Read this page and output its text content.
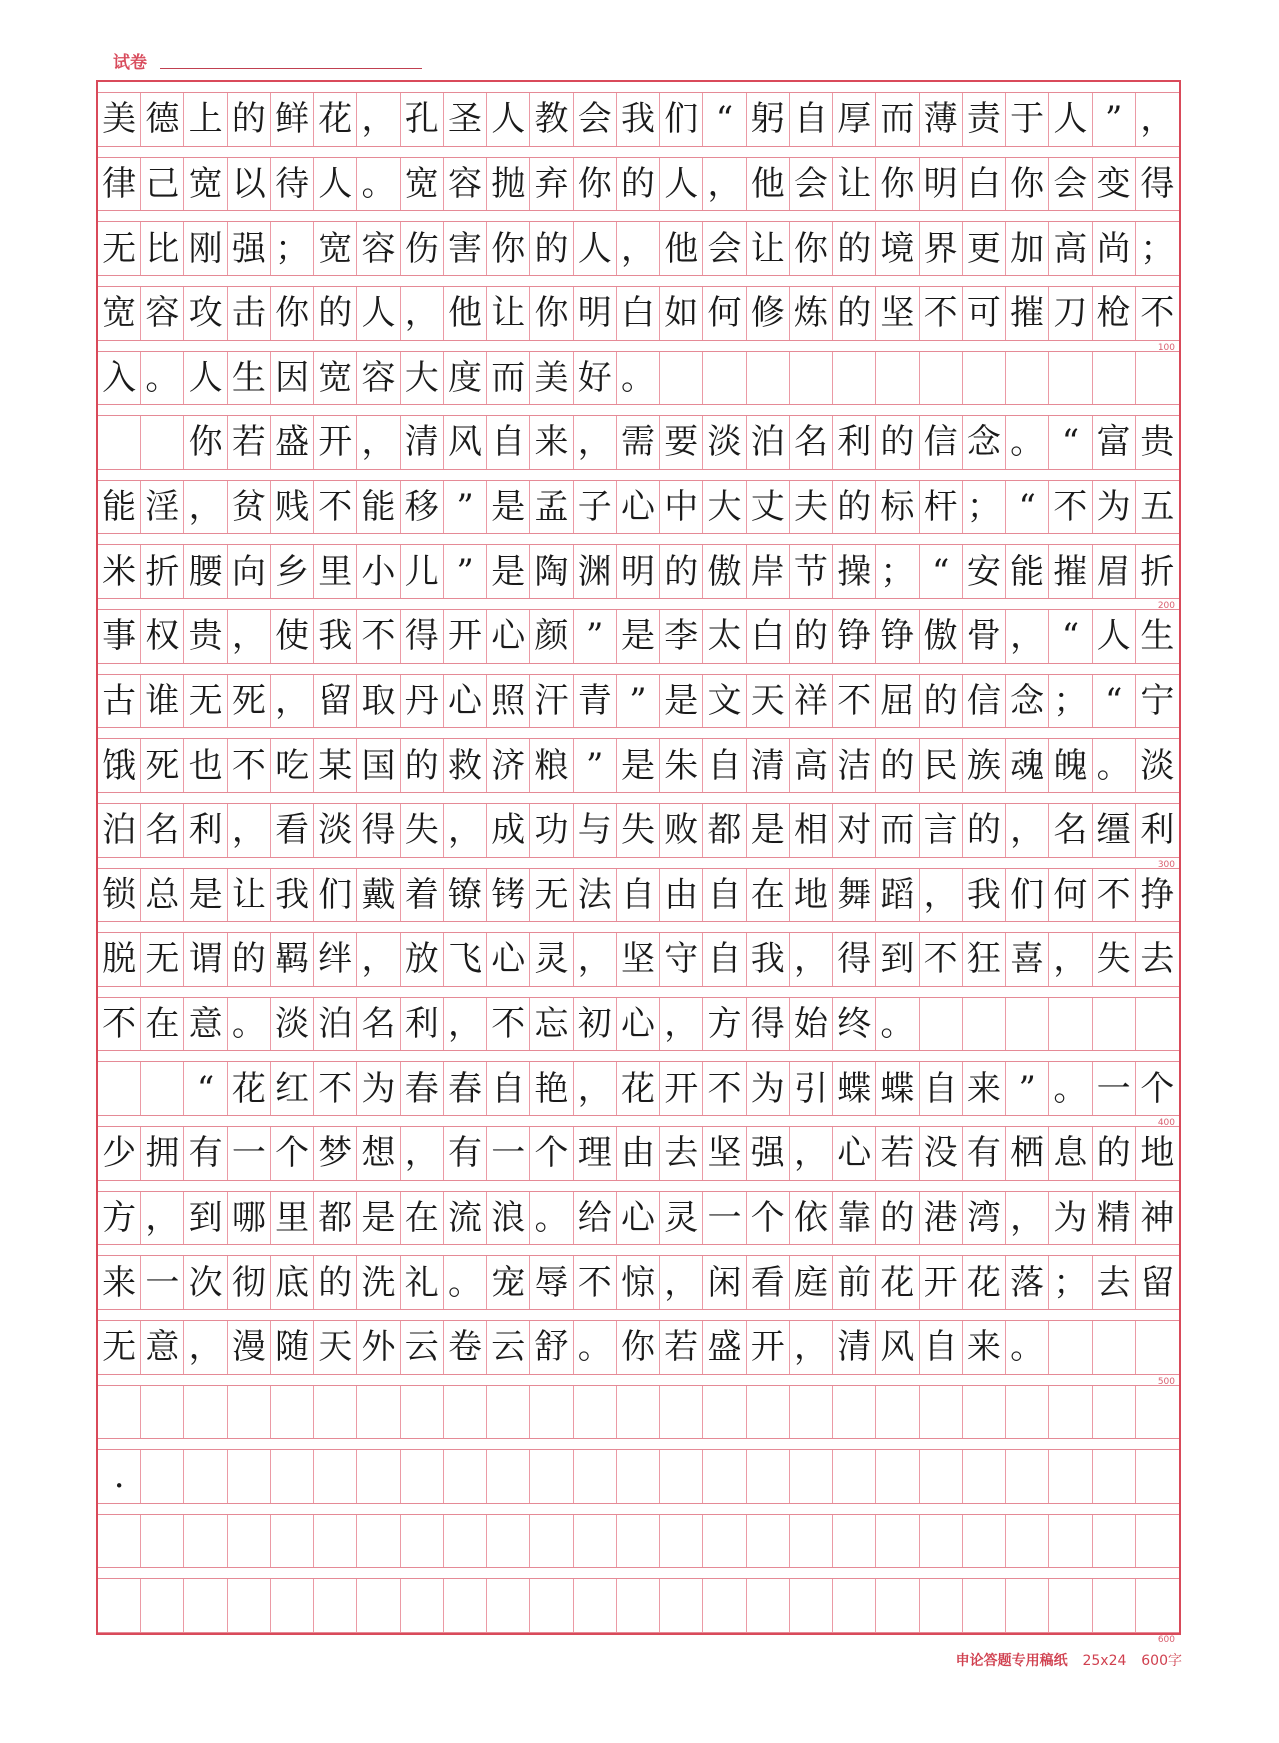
试卷
美 德 上 的 鲜 花 ， 孔 圣 人 教 会 我 们 “ 躬 自 厚 而 薄 责 于 人 ” ，
律 己 宽 以 待 人 。 宽 容 抛 弃 你 的 人 ， 他 会 让 你 明 白 你 会 变 得
无 比 刚 强 ； 宽 容 伤 害 你 的 人 ， 他 会 让 你 的 境 界 更 加 高 尚 ；
宽 容 攻 击 你 的 人 ， 他 让 你 明 白 如 何 修 炼 的 坚 不 可 摧 刀 枪 不
100
入 。 人 生 因 宽 容 大 度 而 美 好 。
你 若 盛 开 ， 清 风 自 来 ， 需 要 淡 泊 名 利 的 信 念 。 “ 富 贵
能 淫 ， 贫 贱 不 能 移 ” 是 孟 子 心 中 大 丈 夫 的 标 杆 ； “ 不 为 五
米 折 腰 向 乡 里 小 儿 ” 是 陶 渊 明 的 傲 岸 节 操 ； “ 安 能 摧 眉 折
200
事 权 贵 ， 使 我 不 得 开 心 颜 ” 是 李 太 白 的 铮 铮 傲 骨 ， “ 人 生
古 谁 无 死 ， 留 取 丹 心 照 汗 青 ” 是 文 天 祥 不 屈 的 信 念 ； “ 宁
饿 死 也 不 吃 某 国 的 救 济 粮 ” 是 朱 自 清 高 洁 的 民 族 魂 魄 。 淡
泊 名 利 ， 看 淡 得 失 ， 成 功 与 失 败 都 是 相 对 而 言 的 ， 名 缰 利
300
锁 总 是 让 我 们 戴 着 镣 铐 无 法 自 由 自 在 地 舞 蹈 ， 我 们 何 不 挣
脱 无 谓 的 羁 绊 ， 放 飞 心 灵 ， 坚 守 自 我 ， 得 到 不 狂 喜 ， 失 去
不 在 意 。 淡 泊 名 利 ， 不 忘 初 心 ， 方 得 始 终 。
“ 花 红 不 为 春 春 自 艳 ， 花 开 不 为 引 蝶 蝶 自 来 ” 。 一 个
400
少 拥 有 一 个 梦 想 ， 有 一 个 理 由 去 坚 强 ， 心 若 没 有 栖 息 的 地
方 ， 到 哪 里 都 是 在 流 浪 。 给 心 灵 一 个 依 靠 的 港 湾 ， 为 精 神
来 一 次 彻 底 的 洗 礼 。 宠 辱 不 惊 ， 闲 看 庭 前 花 开 花 落 ； 去 留
无 意 ， 漫 随 天 外 云 卷 云 舒 。 你 若 盛 开 ， 清 风 自 来 。
500
.
600
申论答题专用稿纸 25x24 600字
